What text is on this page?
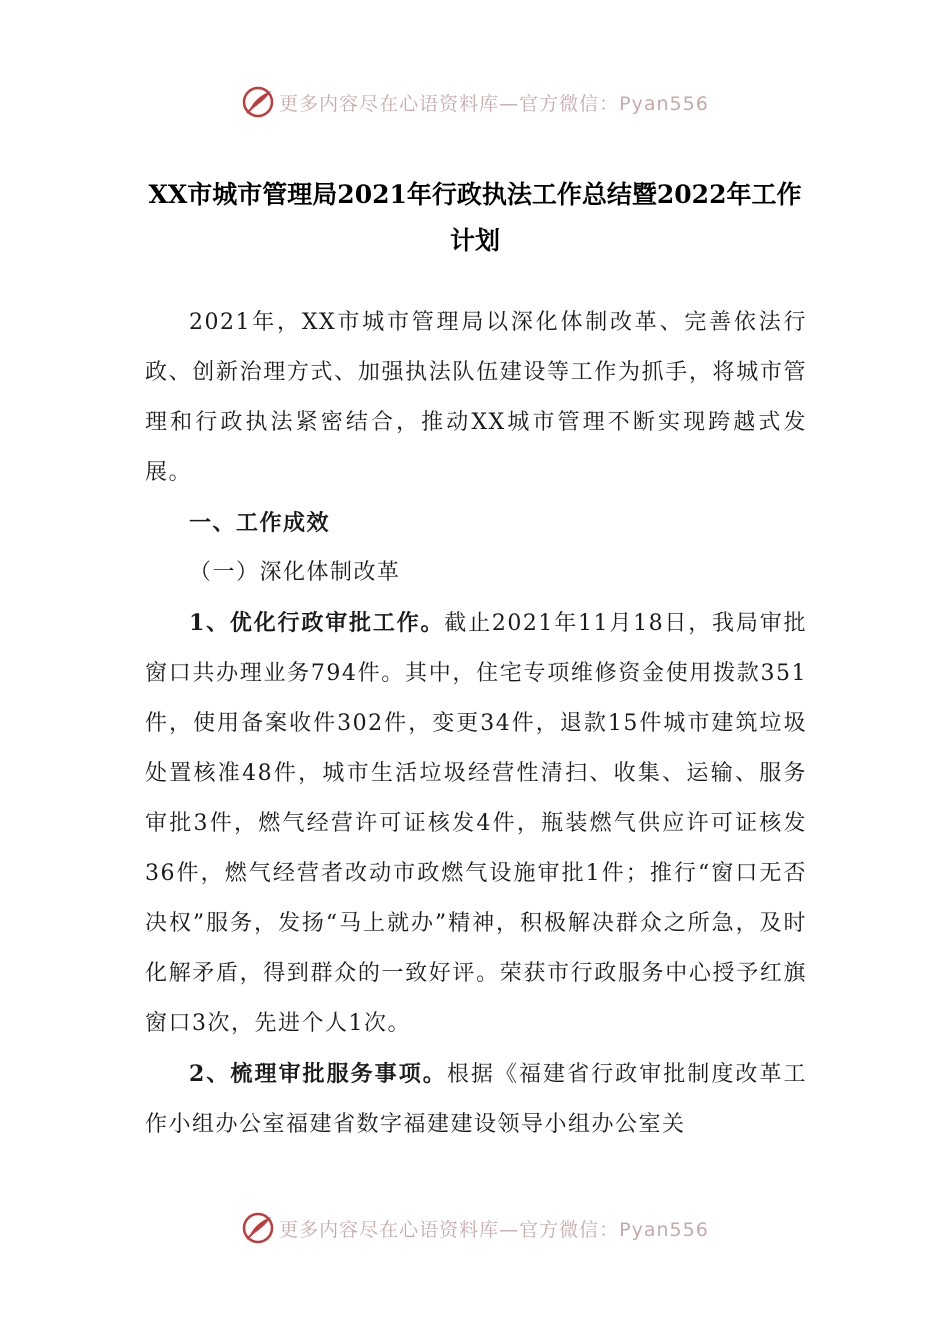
更多内容尽在心语资料库—官方微信：Pyan556
XX市城市管理局2021年行政执法工作总结暨2022年工作计划

2021年，XX市城市管理局以深化体制改革、完善依法行政、创新治理方式、加强执法队伍建设等工作为抓手，将城市管理和行政执法紧密结合，推动XX城市管理不断实现跨越式发展。

一、工作成效

（一）深化体制改革

1、优化行政审批工作。截止2021年11月18日，我局审批窗口共办理业务794件。其中，住宅专项维修资金使用拨款351件，使用备案收件302件，变更34件，退款15件城市建筑垃圾处置核准48件，城市生活垃圾经营性清扫、收集、运输、服务审批3件，燃气经营许可证核发4件，瓶装燃气供应许可证核发36件，燃气经营者改动市政燃气设施审批1件；推行“窗口无否决权”服务，发扬“马上就办”精神，积极解决群众之所急，及时化解矛盾，得到群众的一致好评。荣获市行政服务中心授予红旗窗口3次，先进个人1次。

2、梳理审批服务事项。根据《福建省行政审批制度改革工作小组办公室福建省数字福建建设领导小组办公室关

更多内容尽在心语资料库—官方微信：Pyan556
